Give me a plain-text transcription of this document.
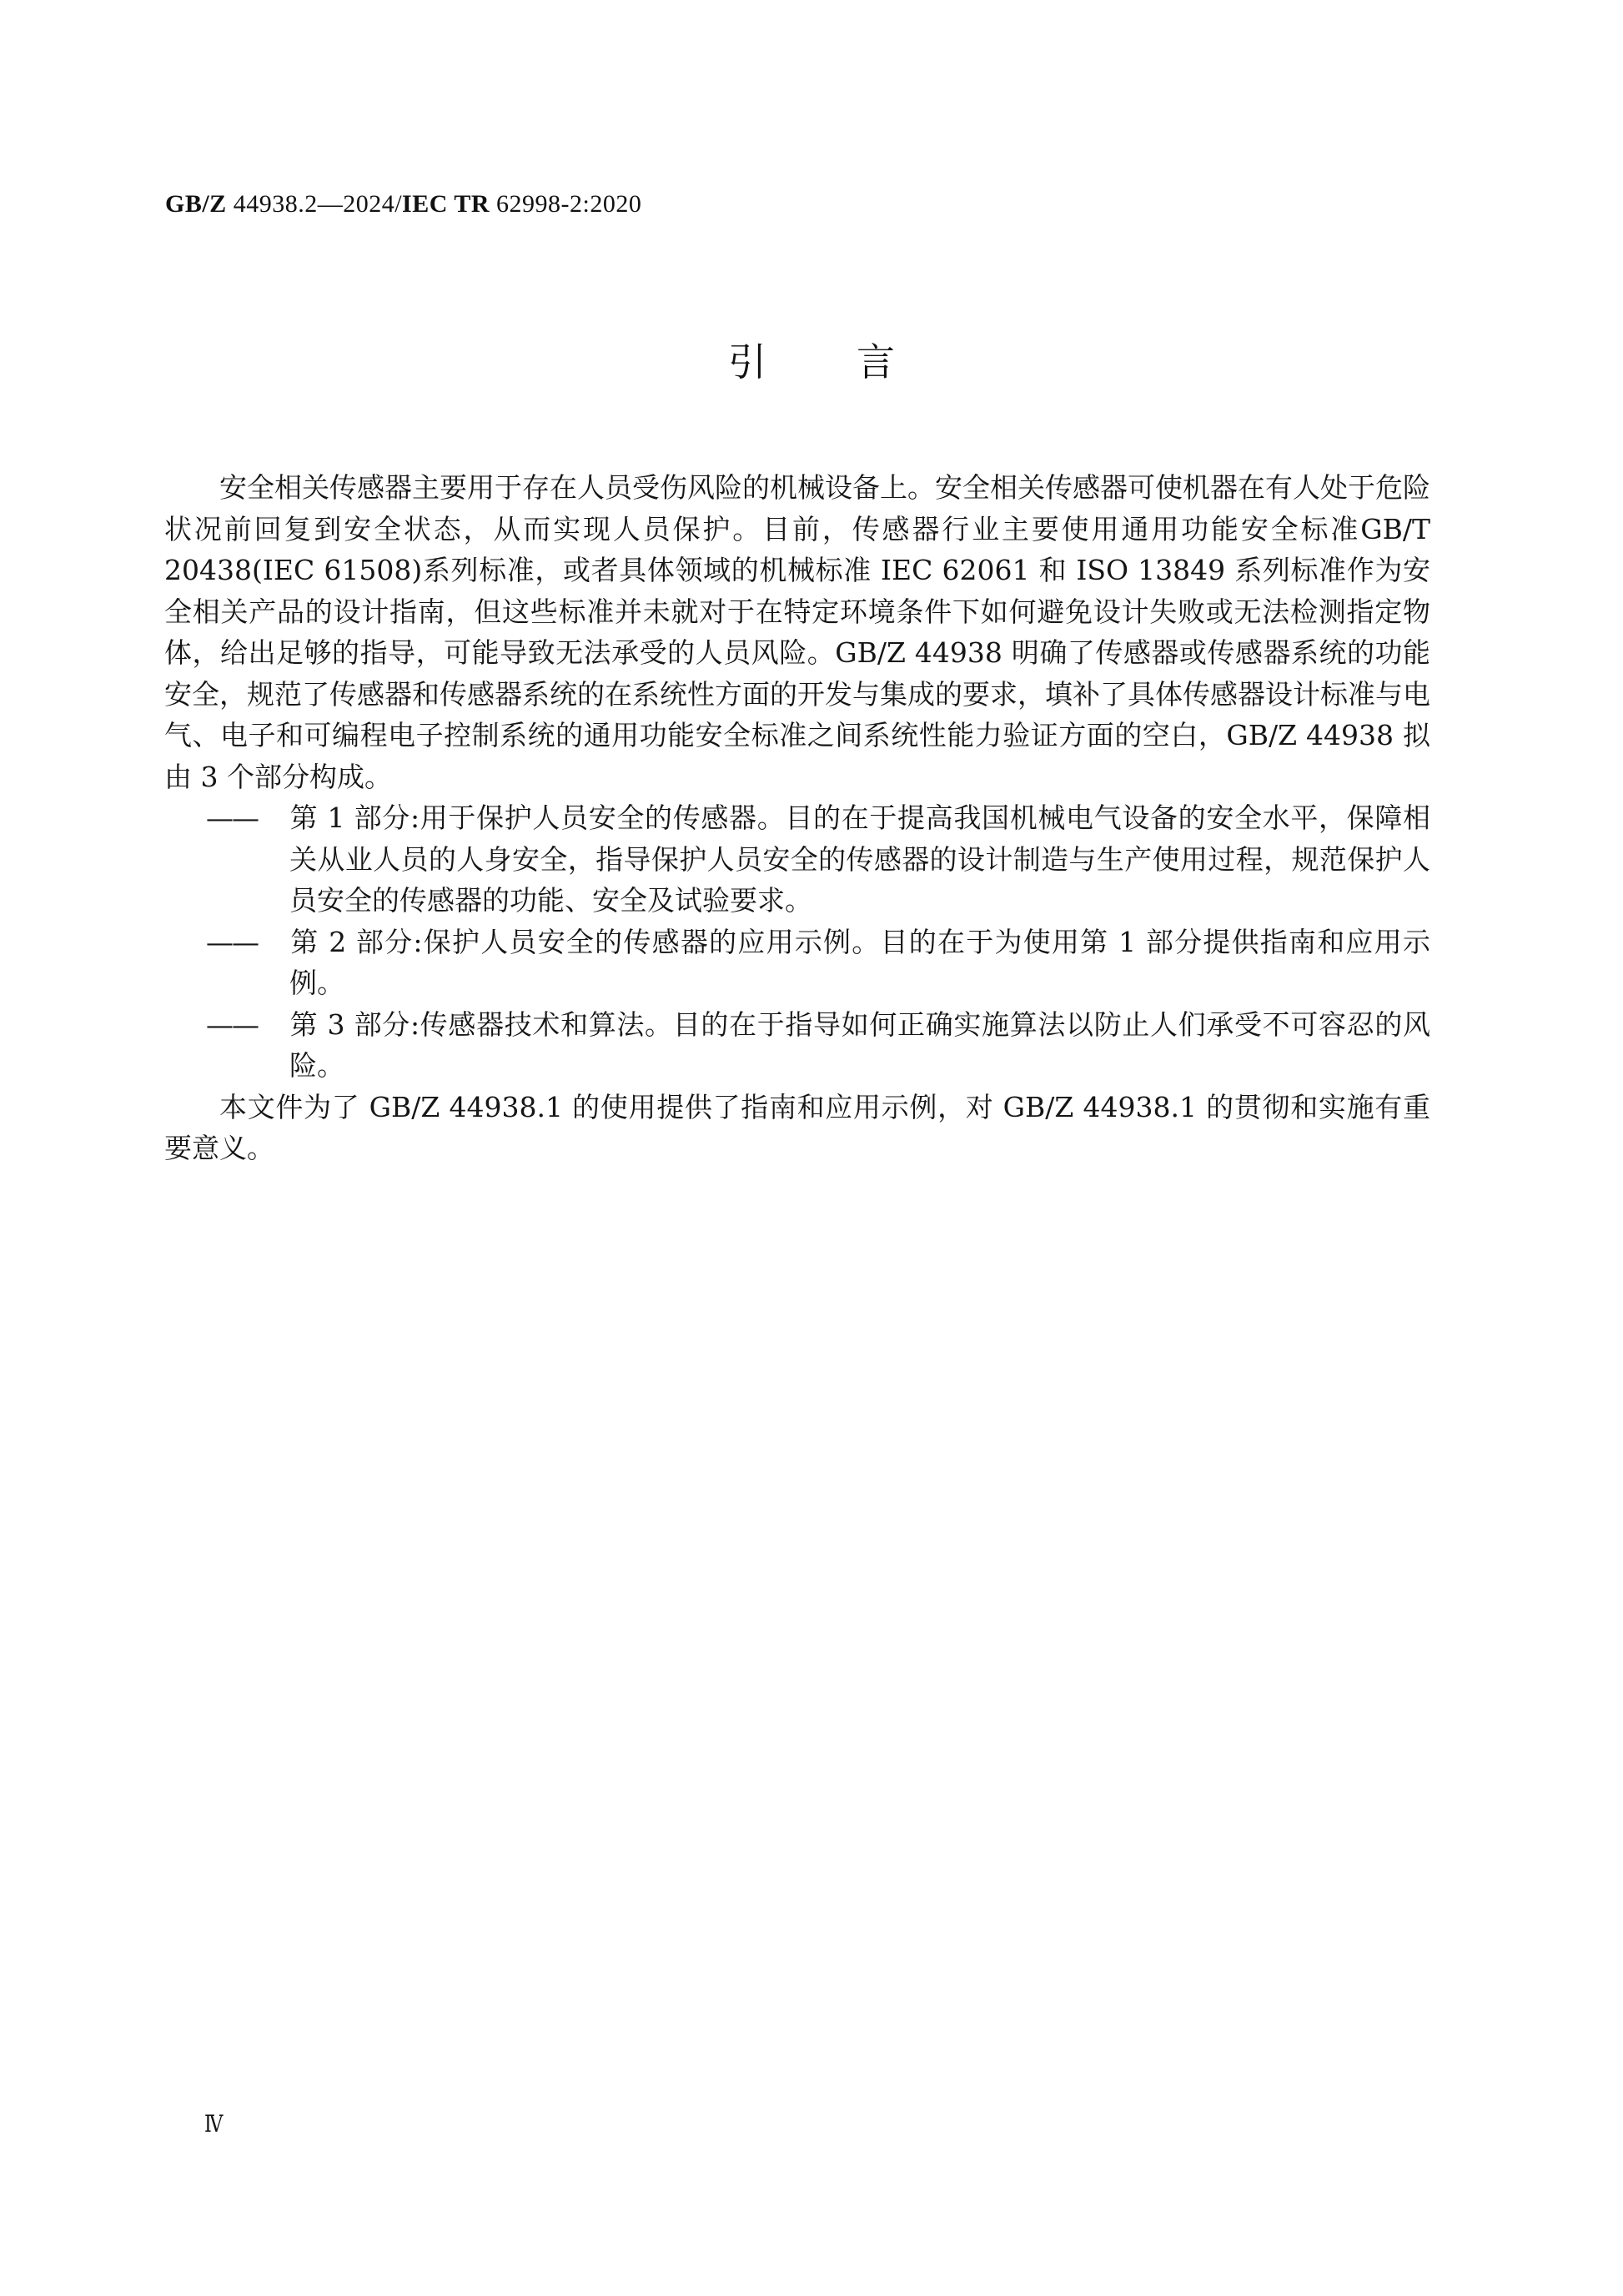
GB/Z 44938.2—2024/IEC TR 62998-2:2020
引 言

安全相关传感器主要用于存在人员受伤风险的机械设备上。安全相关传感器可使机器在有人处于危险状况前回复到安全状态，从而实现人员保护。目前，传感器行业主要使用通用功能安全标准GB/T 20438(IEC 61508)系列标准，或者具体领域的机械标准 IEC 62061 和 ISO 13849 系列标准作为安全相关产品的设计指南，但这些标准并未就对于在特定环境条件下如何避免设计失败或无法检测指定物体，给出足够的指导，可能导致无法承受的人员风险。GB/Z 44938 明确了传感器或传感器系统的功能安全，规范了传感器和传感器系统的在系统性方面的开发与集成的要求，填补了具体传感器设计标准与电气、电子和可编程电子控制系统的通用功能安全标准之间系统性能力验证方面的空白，GB/Z 44938 拟由 3 个部分构成。

—— 第 1 部分:用于保护人员安全的传感器。目的在于提高我国机械电气设备的安全水平，保障相关从业人员的人身安全，指导保护人员安全的传感器的设计制造与生产使用过程，规范保护人员安全的传感器的功能、安全及试验要求。

—— 第 2 部分:保护人员安全的传感器的应用示例。目的在于为使用第 1 部分提供指南和应用示例。

—— 第 3 部分:传感器技术和算法。目的在于指导如何正确实施算法以防止人们承受不可容忍的风险。

本文件为了 GB/Z 44938.1 的使用提供了指南和应用示例，对 GB/Z 44938.1 的贯彻和实施有重要意义。

Ⅳ
